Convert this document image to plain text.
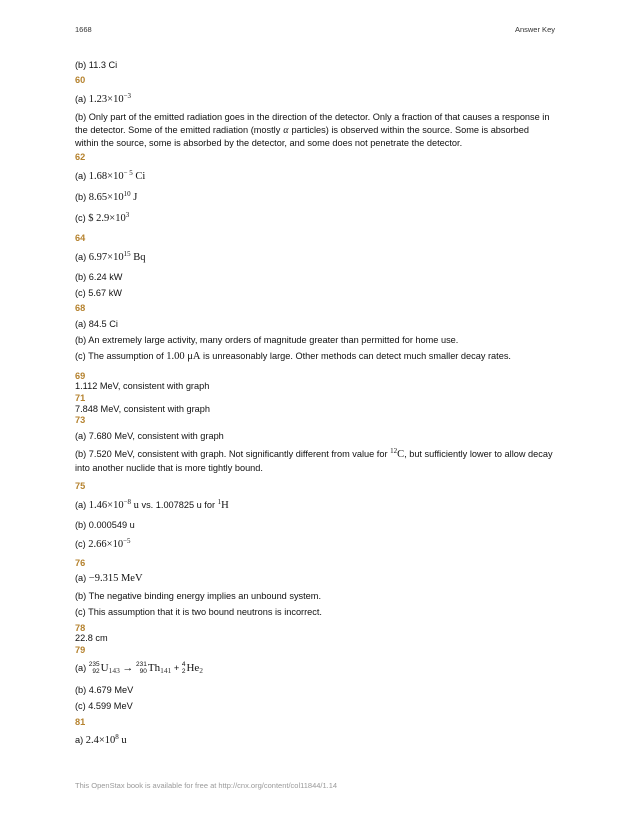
1668	Answer Key
(b) 11.3 Ci
60
(a) $1.23\times 10^{-3}$
(b) Only part of the emitted radiation goes in the direction of the detector. Only a fraction of that causes a response in the detector. Some of the emitted radiation (mostly α particles) is observed within the source. Some is absorbed within the source, some is absorbed by the detector, and some does not penetrate the detector.
62
(a) $1.68\times 10^{- 5}$ Ci
(b) $8.65\times 10^{10}$ J
(c) $ $2.9\times 10^3$
64
(a) $6.97\times 10^{15}$ Bq
(b) 6.24 kW
(c) 5.67 kW
68
(a) 84.5 Ci
(b) An extremely large activity, many orders of magnitude greater than permitted for home use.
(c) The assumption of 1.00 μA is unreasonably large. Other methods can detect much smaller decay rates.
69
1.112 MeV, consistent with graph
71
7.848 MeV, consistent with graph
73
(a) 7.680 MeV, consistent with graph
(b) 7.520 MeV, consistent with graph. Not significantly different from value for $^{12}$C, but sufficiently lower to allow decay into another nuclide that is more tightly bound.
75
(a) $1.46\times 10^{-8}$ u vs. 1.007825 u for $^1$H
(b) 0.000549 u
(c) $2.66\times 10^{-5}$
76
(a) −9.315 MeV
(b) The negative binding energy implies an unbound system.
(c) This assumption that it is two bound neutrons is incorrect.
78
22.8 cm
79
(a) 235
92 $U_{143} \to 231$
90 $Th_{141} + 4$
2 $He_2$
(b) 4.679 MeV
(c) 4.599 MeV
81
a) $2.4\times 10^8$ u
This OpenStax book is available for free at http://cnx.org/content/col11844/1.14
